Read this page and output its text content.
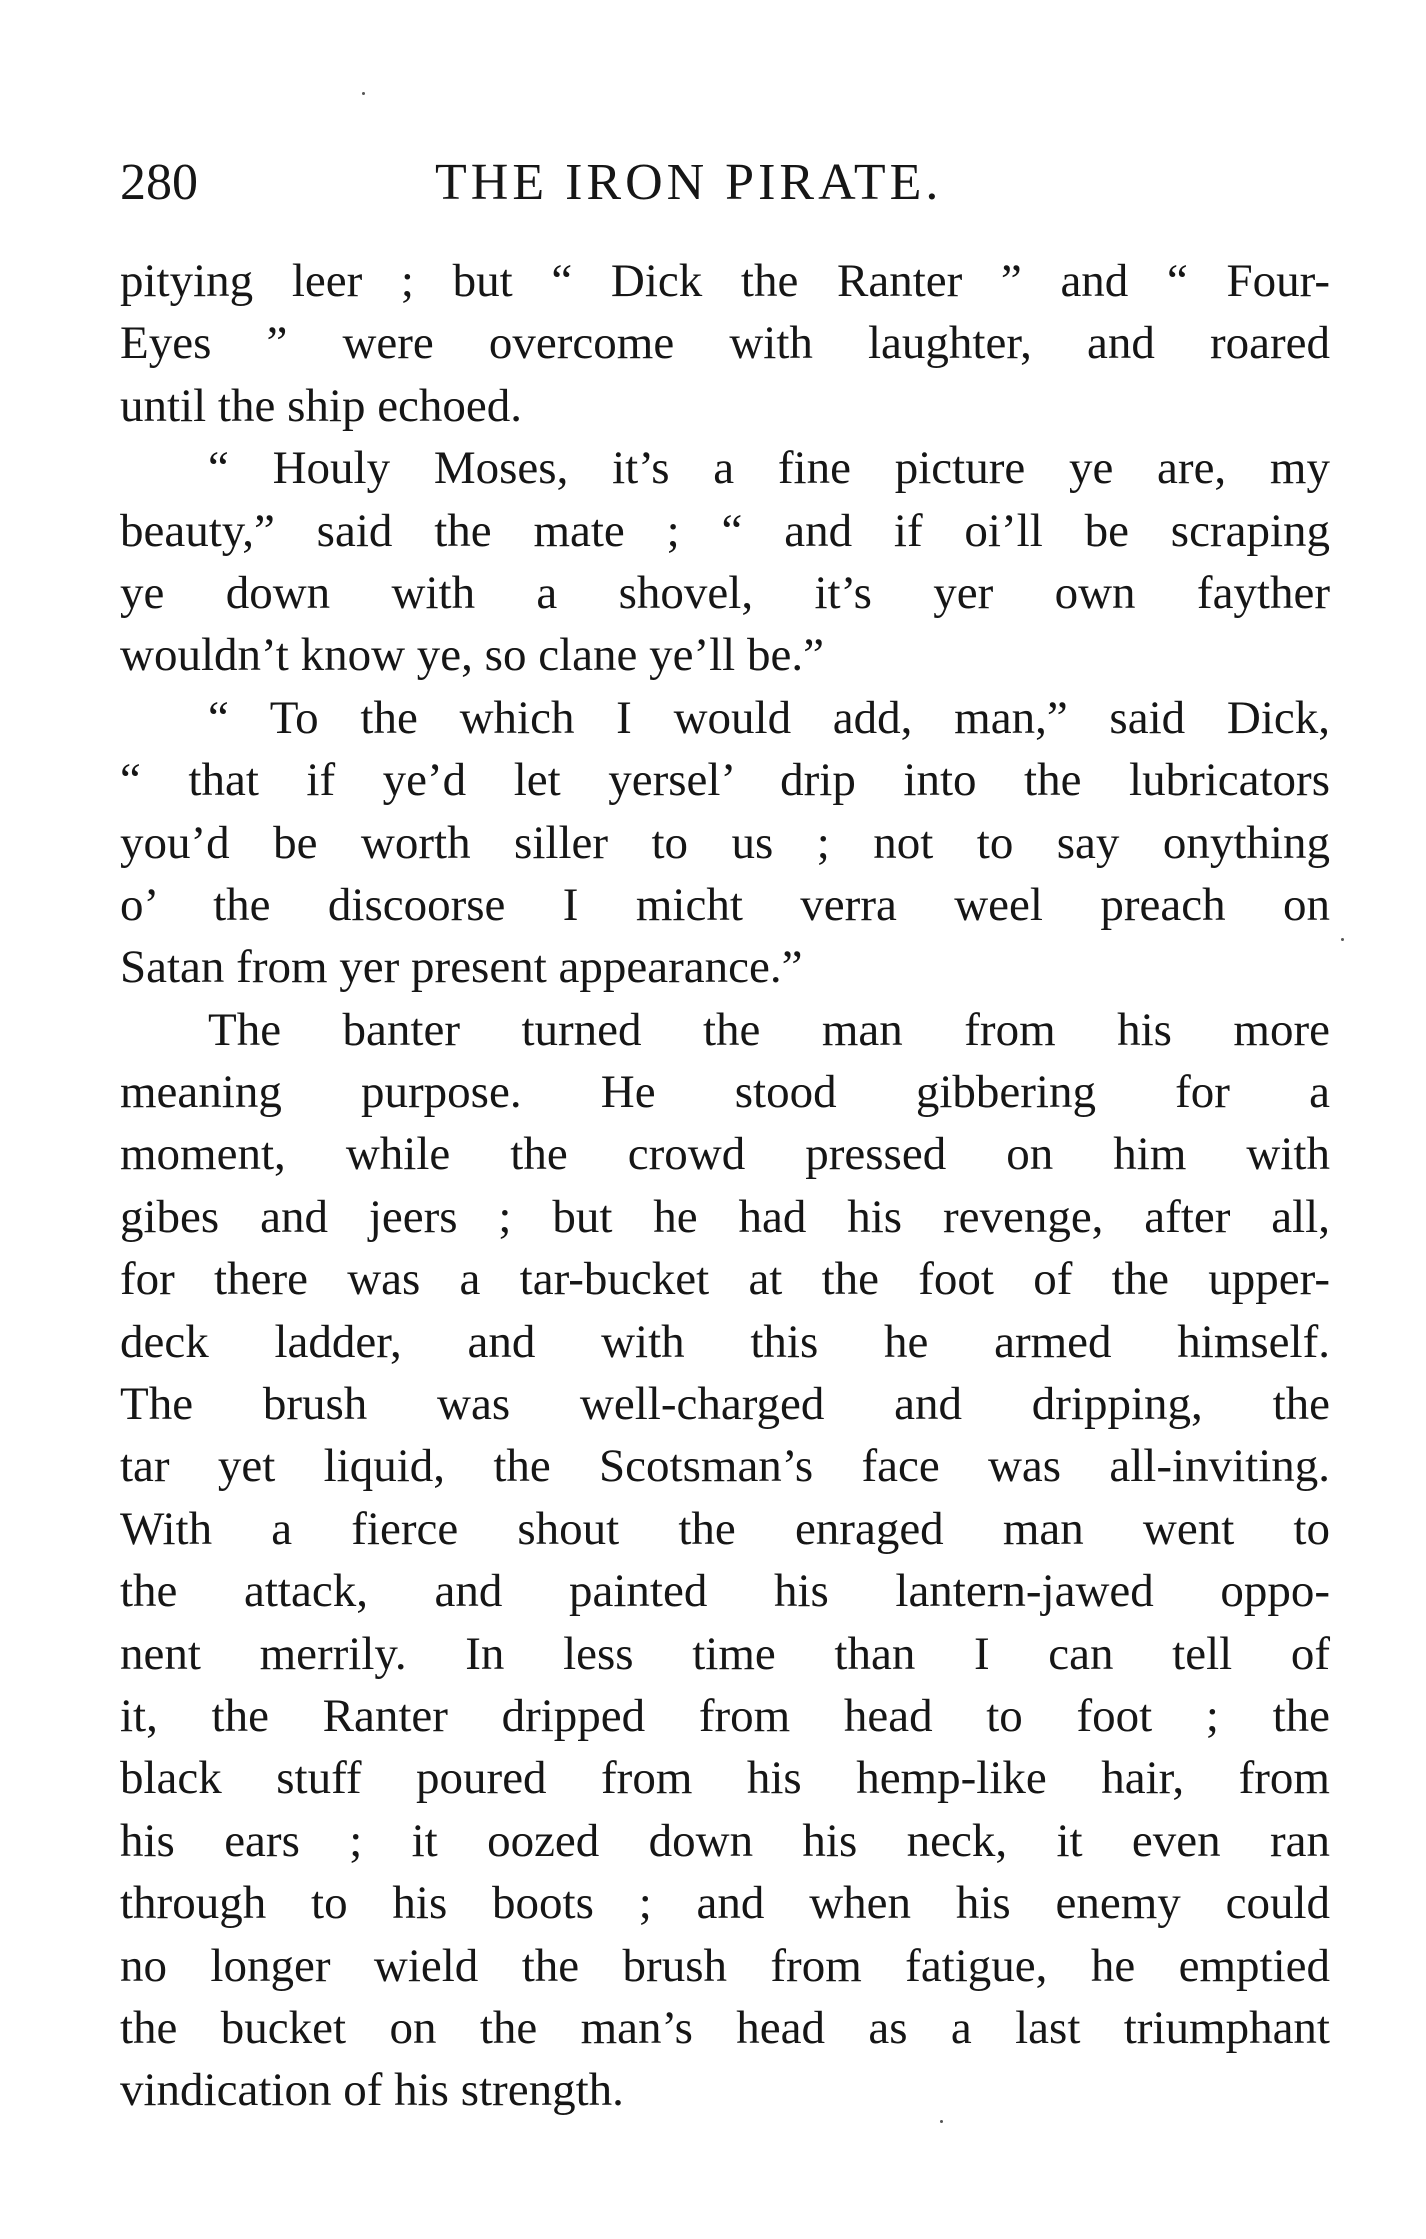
280	THE IRON PIRATE.
pitying leer ; but “ Dick the Ranter ” and “ Four-
Eyes ” were overcome with laughter, and roared
until the ship echoed.
“ Houly Moses, it’s a fine picture ye are, my
beauty,” said the mate ; “ and if oi’ll be scraping
ye down with a shovel, it’s yer own fayther
wouldn’t know ye, so clane ye’ll be.”
“ To the which I would add, man,” said Dick,
“ that if ye’d let yersel’ drip into the lubricators
you’d be worth siller to us ; not to say onything
o’ the discoorse I micht verra weel preach on
Satan from yer present appearance.”
The banter turned the man from his more
meaning purpose. He stood gibbering for a
moment, while the crowd pressed on him with
gibes and jeers ; but he had his revenge, after all,
for there was a tar-bucket at the foot of the upper-
deck ladder, and with this he armed himself.
The brush was well-charged and dripping, the
tar yet liquid, the Scotsman’s face was all-inviting.
With a fierce shout the enraged man went to
the attack, and painted his lantern-jawed oppo-
nent merrily. In less time than I can tell of
it, the Ranter dripped from head to foot ; the
black stuff poured from his hemp-like hair, from
his ears ; it oozed down his neck, it even ran
through to his boots ; and when his enemy could
no longer wield the brush from fatigue, he emptied
the bucket on the man’s head as a last triumphant
vindication of his strength.
